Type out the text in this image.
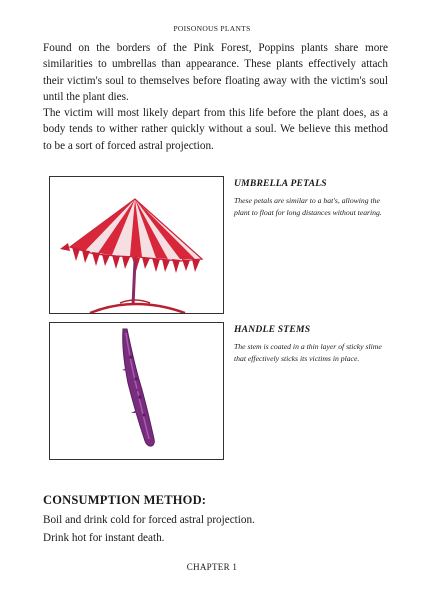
POISONOUS PLANTS

Found on the borders of the Pink Forest, Poppins plants share more similarities to umbrellas than appearance. These plants effectively attach their victim's soul to themselves before floating away with the victim's soul until the plant dies.

The victim will most likely depart from this life before the plant does, as a body tends to wither rather quickly without a soul. We believe this method to be a sort of forced astral projection.

UMBRELLA PETALS
These petals are similar to a bat's, allowing the plant to float for long distances without tearing.
HANDLE STEMS
The stem is coated in a thin layer of sticky slime that effectively sticks its victims in place.
CONSUMPTION METHOD:
Boil and drink cold for forced astral projection.
Drink hot for instant death.
CHAPTER 1
